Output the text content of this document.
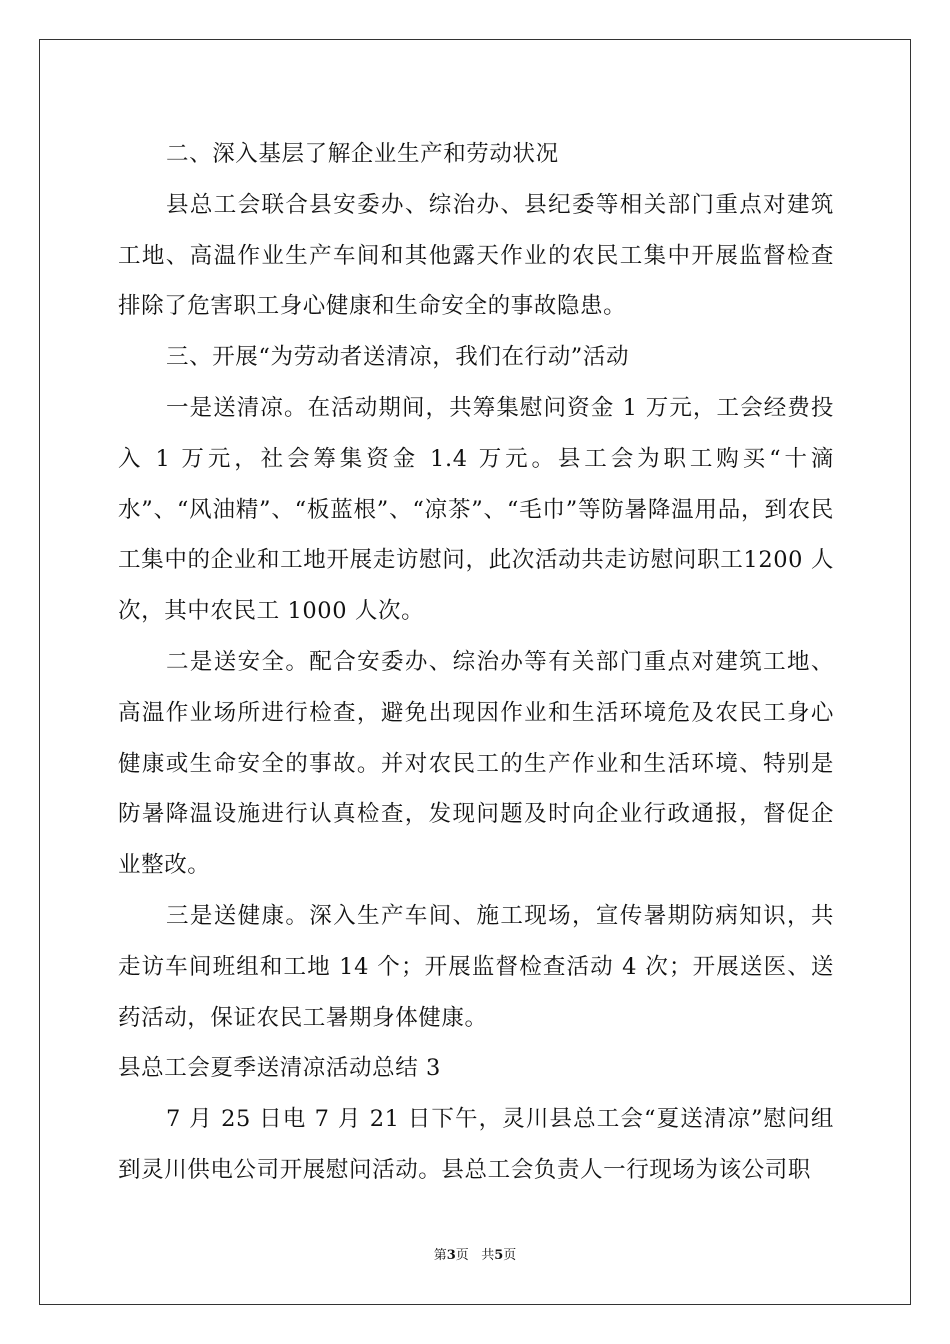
二、深入基层了解企业生产和劳动状况

县总工会联合县安委办、综治办、县纪委等相关部门重点对建筑工地、高温作业生产车间和其他露天作业的农民工集中开展监督检查排除了危害职工身心健康和生命安全的事故隐患。

三、开展“为劳动者送清凉，我们在行动”活动

一是送清凉。在活动期间，共筹集慰问资金 1 万元，工会经费投入 1 万元，社会筹集资金 1.4 万元。县工会为职工购买“十滴水”、“风油精”、“板蓝根”、“凉茶”、“毛巾”等防暑降温用品，到农民工集中的企业和工地开展走访慰问，此次活动共走访慰问职工1200 人次，其中农民工 1000 人次。

二是送安全。配合安委办、综治办等有关部门重点对建筑工地、高温作业场所进行检查，避免出现因作业和生活环境危及农民工身心健康或生命安全的事故。并对农民工的生产作业和生活环境、特别是防暑降温设施进行认真检查，发现问题及时向企业行政通报，督促企业整改。

三是送健康。深入生产车间、施工现场，宣传暑期防病知识，共走访车间班组和工地 14 个；开展监督检查活动 4 次；开展送医、送药活动，保证农民工暑期身体健康。

县总工会夏季送清凉活动总结 3

7 月 25 日电 7 月 21 日下午，灵川县总工会“夏送清凉”慰问组到灵川供电公司开展慰问活动。县总工会负责人一行现场为该公司职

第3页   共5页
